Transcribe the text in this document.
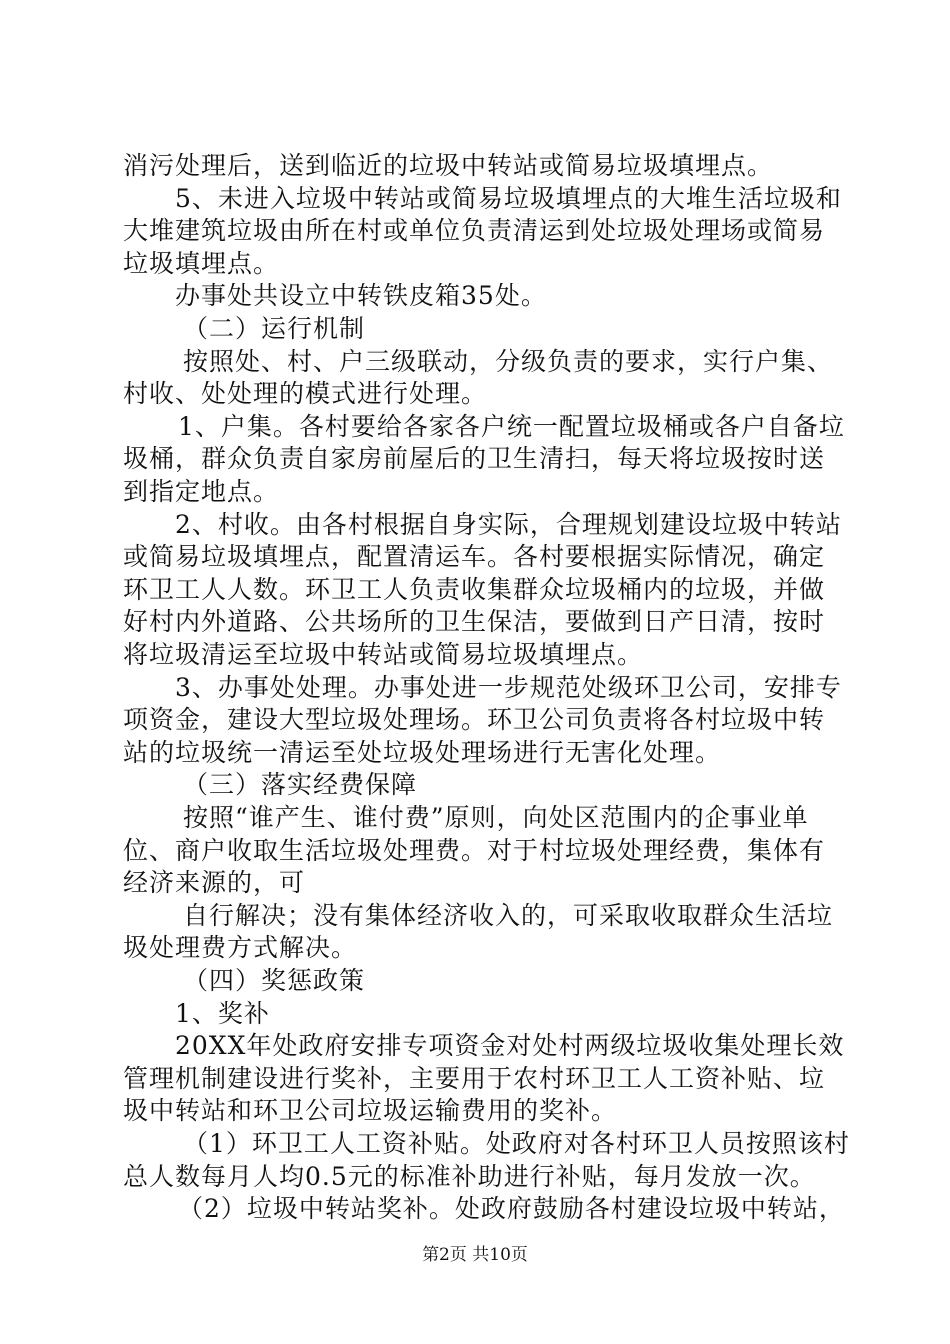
消污处理后，送到临近的垃圾中转站或简易垃圾填埋点。
5、未进入垃圾中转站或简易垃圾填埋点的大堆生活垃圾和
大堆建筑垃圾由所在村或单位负责清运到处垃圾处理场或简易
垃圾填埋点。
办事处共设立中转铁皮箱35处。
（二）运行机制
按照处、村、户三级联动，分级负责的要求，实行户集、
村收、处处理的模式进行处理。
1、户集。各村要给各家各户统一配置垃圾桶或各户自备垃
圾桶，群众负责自家房前屋后的卫生清扫，每天将垃圾按时送
到指定地点。
2、村收。由各村根据自身实际，合理规划建设垃圾中转站
或简易垃圾填埋点，配置清运车。各村要根据实际情况，确定
环卫工人人数。环卫工人负责收集群众垃圾桶内的垃圾，并做
好村内外道路、公共场所的卫生保洁，要做到日产日清，按时
将垃圾清运至垃圾中转站或简易垃圾填埋点。
3、办事处处理。办事处进一步规范处级环卫公司，安排专
项资金，建设大型垃圾处理场。环卫公司负责将各村垃圾中转
站的垃圾统一清运至处垃圾处理场进行无害化处理。
（三）落实经费保障
按照“谁产生、谁付费”原则，向处区范围内的企事业单
位、商户收取生活垃圾处理费。对于村垃圾处理经费，集体有
经济来源的，可
自行解决；没有集体经济收入的，可采取收取群众生活垃
圾处理费方式解决。
（四）奖惩政策
1、奖补
20XX年处政府安排专项资金对处村两级垃圾收集处理长效
管理机制建设进行奖补，主要用于农村环卫工人工资补贴、垃
圾中转站和环卫公司垃圾运输费用的奖补。
（1）环卫工人工资补贴。处政府对各村环卫人员按照该村
总人数每月人均0.5元的标准补助进行补贴，每月发放一次。
（2）垃圾中转站奖补。处政府鼓励各村建设垃圾中转站，
第2页 共10页
